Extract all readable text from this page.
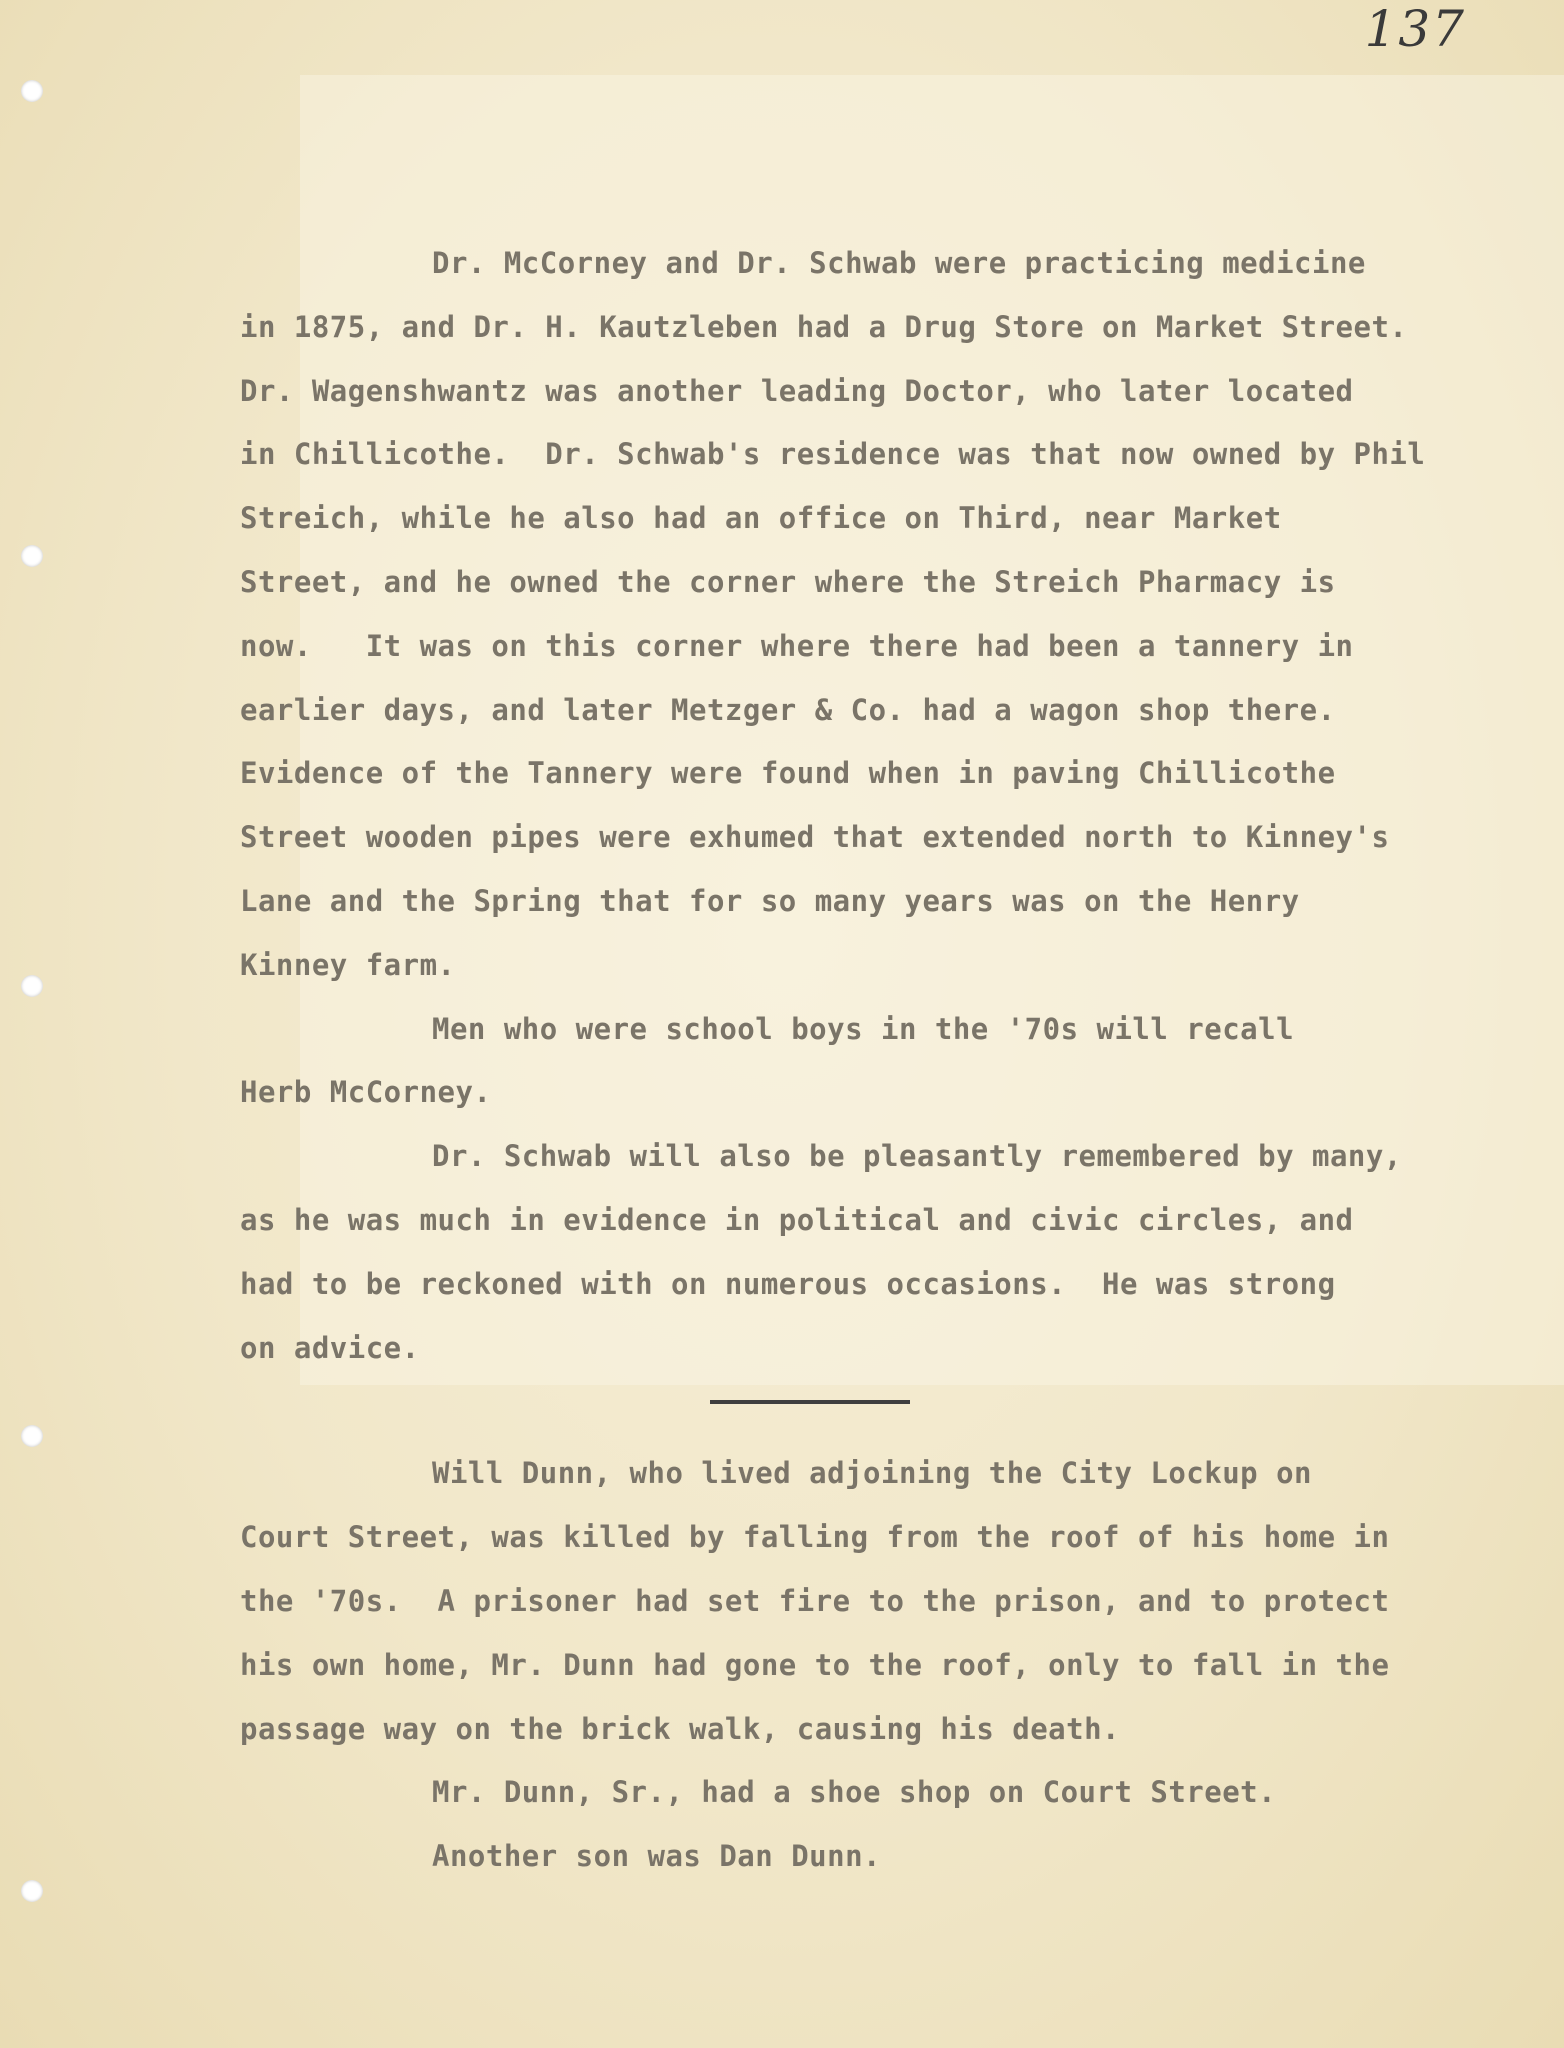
137
Dr. McCorney and Dr. Schwab were practicing medicine
in 1875, and Dr. H. Kautzleben had a Drug Store on Market Street.
Dr. Wagenshwantz was another leading Doctor, who later located
in Chillicothe.  Dr. Schwab's residence was that now owned by Phil
Streich, while he also had an office on Third, near Market
Street, and he owned the corner where the Streich Pharmacy is
now.   It was on this corner where there had been a tannery in
earlier days, and later Metzger & Co. had a wagon shop there.
Evidence of the Tannery were found when in paving Chillicothe
Street wooden pipes were exhumed that extended north to Kinney's
Lane and the Spring that for so many years was on the Henry
Kinney farm.
Men who were school boys in the '70s will recall
Herb McCorney.
Dr. Schwab will also be pleasantly remembered by many,
as he was much in evidence in political and civic circles, and
had to be reckoned with on numerous occasions.  He was strong
on advice.
Will Dunn, who lived adjoining the City Lockup on
Court Street, was killed by falling from the roof of his home in
the '70s.  A prisoner had set fire to the prison, and to protect
his own home, Mr. Dunn had gone to the roof, only to fall in the
passage way on the brick walk, causing his death.
Mr. Dunn, Sr., had a shoe shop on Court Street.
Another son was Dan Dunn.
